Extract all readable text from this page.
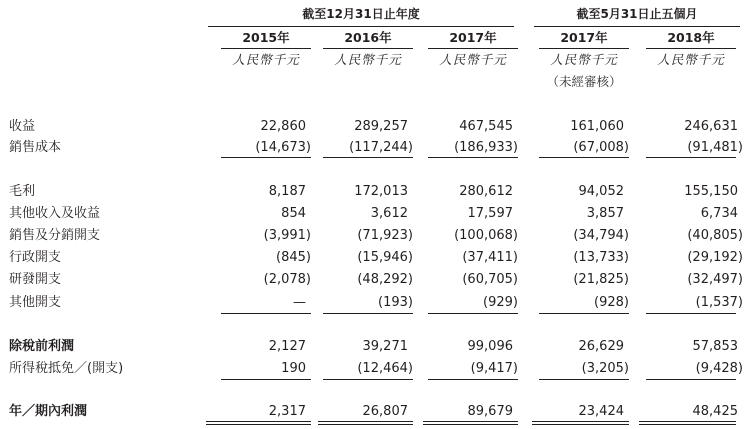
截至12月31日止年度	截至5月31日止五個月
2015年	2016年	2017年	2017年	2018年
人民幣千元	人民幣千元	人民幣千元	人民幣千元	人民幣千元
（未經審核）
收益	22,860	289,257	467,545	161,060	246,631
銷售成本	(14,673)	(117,244)	(186,933)	(67,008)	(91,481)
毛利	8,187	172,013	280,612	94,052	155,150
其他收入及收益	854	3,612	17,597	3,857	6,734
銷售及分銷開支	(3,991)	(71,923)	(100,068)	(34,794)	(40,805)
行政開支	(845)	(15,946)	(37,411)	(13,733)	(29,192)
研發開支	(2,078)	(48,292)	(60,705)	(21,825)	(32,497)
其他開支	—	(193)	(929)	(928)	(1,537)
除稅前利潤	2,127	39,271	99,096	26,629	57,853
所得稅抵免／(開支)	190	(12,464)	(9,417)	(3,205)	(9,428)
年／期內利潤	2,317	26,807	89,679	23,424	48,425
